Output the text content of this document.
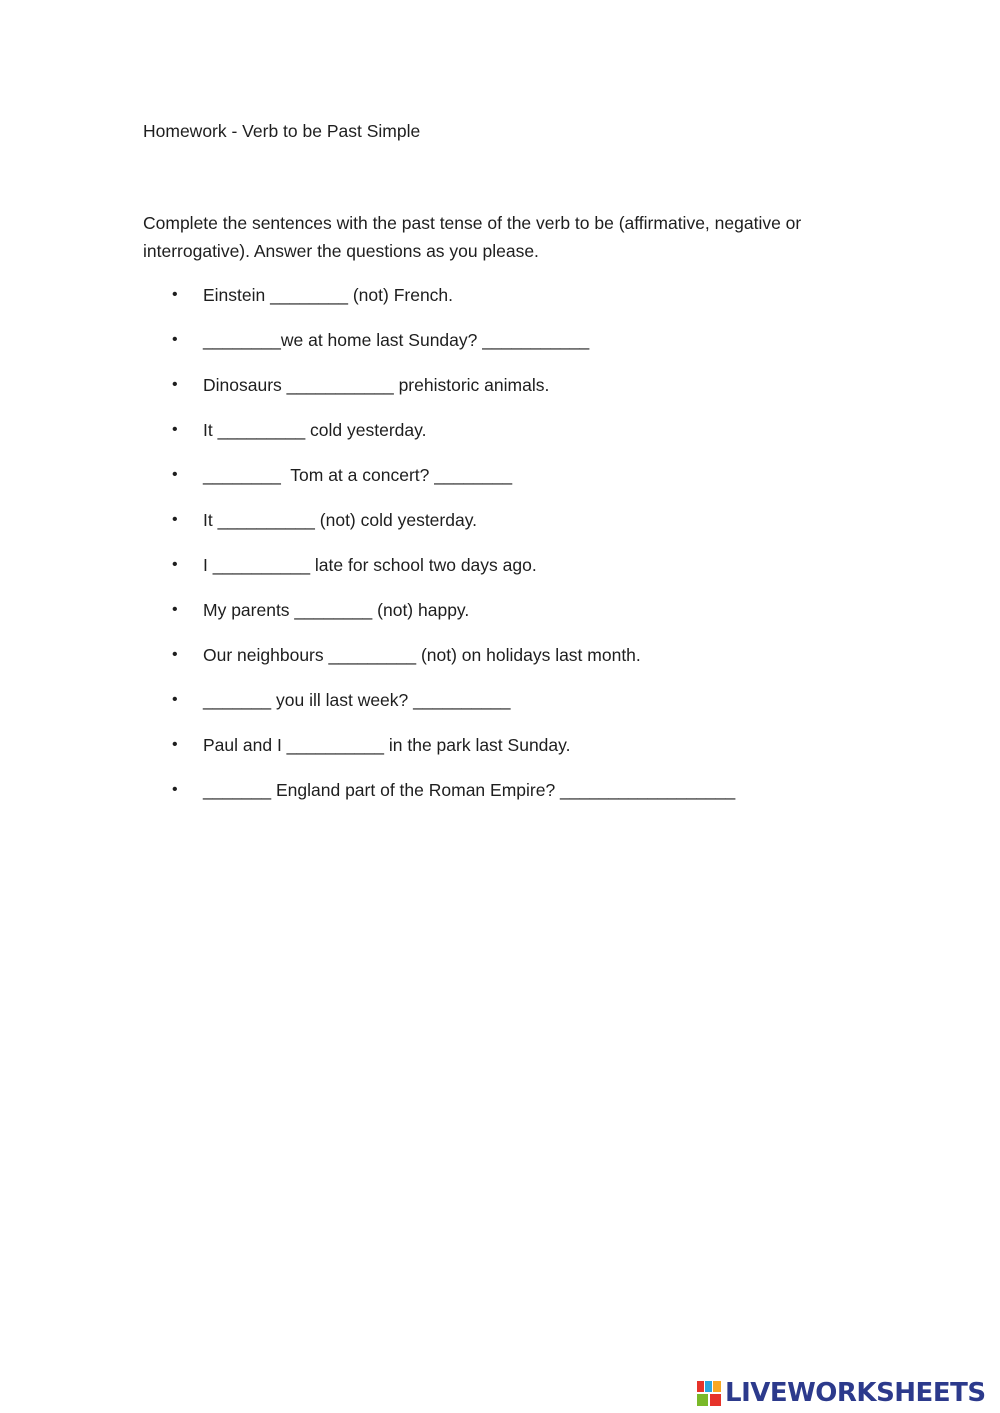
Homework - Verb to be Past Simple
Complete the sentences with the past tense of the verb to be (affirmative, negative or interrogative). Answer the questions as you please.

•

Einstein ________ (not) French.

•

________we at home last Sunday? ___________

•

Dinosaurs ___________ prehistoric animals.

•

It _________ cold yesterday.

•

________  Tom at a concert? ________

•

It __________ (not) cold yesterday.

•

I __________ late for school two days ago.

•

My parents ________ (not) happy.

•

Our neighbours _________ (not) on holidays last month.

•

_______ you ill last week? __________

•

Paul and I __________ in the park last Sunday.

•

_______ England part of the Roman Empire? __________________

LIVEWORKSHEETS
